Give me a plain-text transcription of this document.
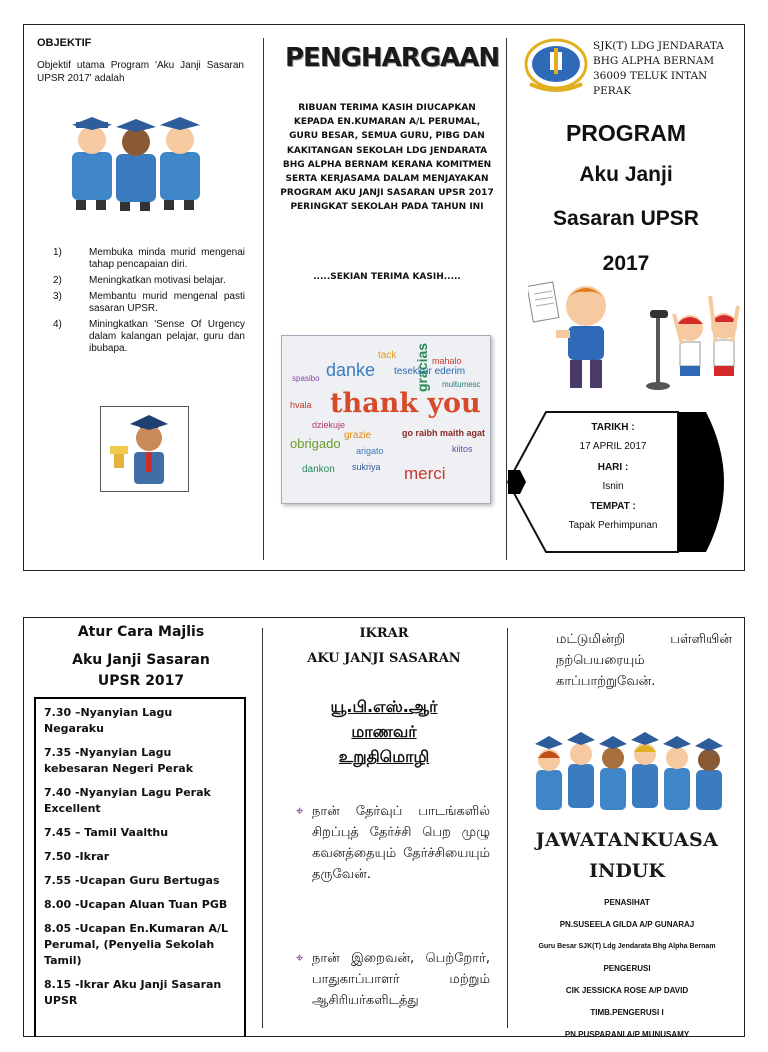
OBJEKTIF
Objektif utama Program 'Aku Janji Sasaran UPSR 2017' adalah
1)	Membuka minda murid mengenai tahap pencapaian diri.
2)	Meningkatkan motivasi belajar.
3)	Membantu murid mengenal pasti sasaran UPSR.
4)	Miningkatkan 'Sense Of Urgency dalam kalangan pelajar, guru dan ibubapa.
PENGHARGAAN
RIBUAN TERIMA KASIH DIUCAPKAN KEPADA EN.KUMARAN A/L PERUMAL, GURU BESAR, SEMUA GURU, PIBG DAN KAKITANGAN SEKOLAH LDG JENDARATA BHG ALPHA BERNAM KERANA KOMITMEN SERTA KERJASAMA DALAM MENJAYAKAN PROGRAM AKU JANJI SASARAN UPSR 2017 PERINGKAT SEKOLAH PADA TAHUN INI
.....SEKIAN TERIMA KASIH.....
thank you
danke	gracias
merci
obrigado
spasibo
grazie
arigato
dziekuje
tesekkur ederim
go raibh maith agat
mahalo
dankon
tack
kiitos
sukriya
multumesc
hvala
SJK(T) LDG JENDARATA
BHG ALPHA BERNAM
36009 TELUK INTAN
PERAK
PROGRAM
Aku Janji
Sasaran UPSR
2017
TARIKH :
17 APRIL 2017
HARI :
Isnin
TEMPAT :
Tapak Perhimpunan
Atur Cara Majlis
Aku Janji Sasaran
UPSR 2017
7.30 –Nyanyian Lagu Negaraku
7.35 -Nyanyian Lagu kebesaran Negeri Perak
7.40 -Nyanyian Lagu Perak Excellent
7.45 – Tamil Vaalthu
7.50 -Ikrar
7.55 -Ucapan Guru Bertugas
8.00 -Ucapan Aluan Tuan PGB
8.05 -Ucapan En.Kumaran A/L Perumal, (Penyelia Sekolah Tamil)
8.15 -Ikrar Aku Janji Sasaran UPSR
IKRAR
AKU JANJI SASARAN
யூ.பி.எஸ்.ஆர்
மாணவர்
உறுதிமொழி
⌖ நான் தேர்வுப் பாடங்களில் சிறப்புத் தேர்ச்சி பெற முழு கவனத்தையும் தேர்ச்சியையும் தருவேன்.
⌖ நான் இறைவன், பெற்றோர், பாதுகாப்பாளர் மற்றும் ஆசிரியர்களிடத்து
மட்டுமின்றி பள்ளியின் நற்பெயரையும் காப்பாற்றுவேன்.
JAWATANKUASA
INDUK
PENASIHAT
PN.SUSEELA GILDA A/P GUNARAJ
Guru Besar SJK(T) Ldg Jendarata Bhg Alpha Bernam
PENGERUSI
CIK JESSICKA ROSE A/P DAVID
TIMB.PENGERUSI I
PN.PUSPARANI A/P MUNUSAMY
